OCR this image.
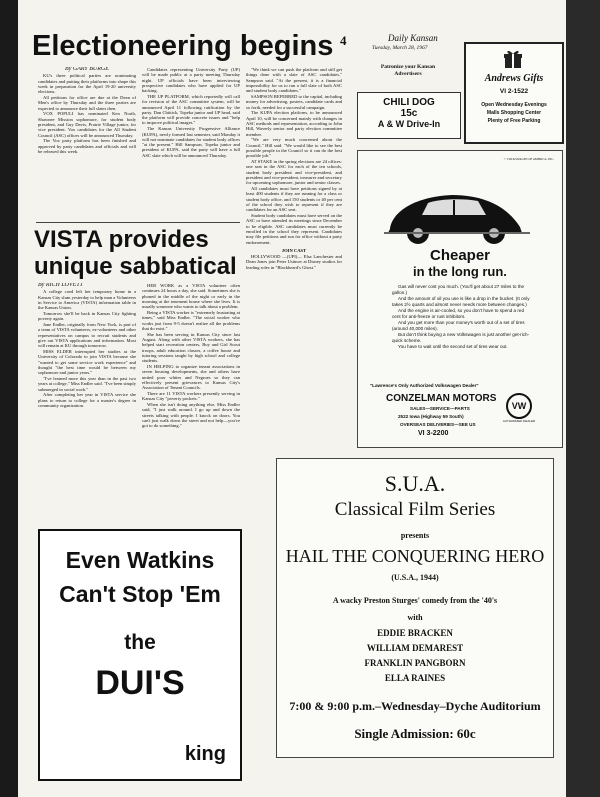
Electioneering begins 4	Daily Kansan
Tuesday, March 28, 1967
By GARY BURGE

KU's three political parties are nominating candidates and putting their platforms into shape this week in preparation for the April 19-20 university elections.

All petitions for office are due at the Dean of Men's office by Thursday and the three parties are expected to announce their full slates then.

VOX POPULI has nominated Ken North, Shawnee Mission sophomore, for student body president, and Guy Davis, Prairie Village junior, for vice president. Vox candidates for the All Student Council (ASC) offices will be announced Thursday.

The Vox party platform has been finished and approved by party candidates and officials and will be released this week.

Candidates representing University Party (UP) will be made public at a party meeting Thursday night. UP officials have been interviewing prospective candidates who have applied for UP backing.

THE UP PLATFORM, which reportedly will call for revision of the ASC committee system, will be announced April 11 following ratification by the party. Dan Chittick, Topeka junior and UP head, said the platform will provide concrete issues and "help to improve political images."

The Kansas University Progressive Alliance (KUPA), newly formed last semester, said Monday it will not nominate candidates for student body offices "at the present." Hill Sampson, Topeka junior and president of KUPA, said the party will have a full ASC slate which will be announced Thursday.

"We think we can push the platform and still get things done with a slate of ASC candidates," Sampson said. "At the present, it is a financial impossibility for us to run a full slate of both ASC and student body candidates."

SAMPSON REFERRED to the capital, including money for advertising, posters, candidate cards and so forth, needed for a successful campaign.

The KUPA election platform, to be announced April 10, will be concerned mainly with changes in ASC methods and representation, according to John Hill, Waverly senior and party election committee member.

"We are very much concerned about the Council," Hill said. "We would like to see the best possible people in the Council so it can do the best possible job."

AT STAKE in the spring elections are 24 offices: one seat in the ASC for each of the ten schools, student body president and vice-president, and president and vice-president, treasurer and secretary for upcoming sophomore, junior and senior classes.

All candidates must have petitions signed by at least 400 students if they are running for a class or student body office, and 150 students or 40 per cent of the school they wish to represent if they are candidates for an ASC seat.

Student body candidates must have served on the ASC or have attended its meetings since December to be eligible. ASC candidates must currently be enrolled in the school they represent. Candidates may file petitions and run for office without a party endorsement.

JOIN CAST

HOLLYWOOD —(UPI)— Elsa Lanchester and Dean Jones join Peter Ustinov at Disney studios for leading roles in "Blackbeard's Ghost."

VISTA provides
unique sabbatical
By RICH LOVETT

A college coed left her temporary home in a Kansas City slum yesterday to help man a Volunteers in Service to America (VISTA) information table in the Kansas Union.

Tomorrow she'll be back in Kansas City fighting poverty again.

Jane Endler, originally from New York, is part of a team of VISTA volunteers, ex-volunteers and other representatives on campus to recruit students and give out VISTA applications and information. Most will remain at KU through tomorrow.

MISS ELDER interrupted her studies at the University of Colorado to join VISTA because she "wanted to get some service work experience" and thought "the best time would be between my sophomore and junior years."

"I've learned more this year than in the past two years at college," Miss Endler said. "I've been simply submerged in social work."

After completing her year in VISTA service she plans to return to college for a master's degree in community organization.

HER WORK as a VISTA volunteer often continues 24 hours a day, she said. Sometimes she is phoned in the middle of the night or early in the morning at the tenement house where she lives. It is usually someone who wants to talk about a problem.

Being a VISTA worker is "extremely frustrating at times," said Miss Endler. "The social worker who works just from 9-5 doesn't realize all the problems that do exist."

She has been serving in Kansas City since last August. Along with other VISTA workers, she has helped start recreation centers, Boy and Girl Scout troops, adult education classes, a coffee house and tutoring sessions taught by high school and college students.

IN HELPING to organize tenant associations in seven housing developments, she and others have united poor whites and Negroes so they can effectively present grievances to Kansas City's Association of Tenant Councils.

There are 11 VISTA workers presently serving in Kansas City "poverty pockets."

When she isn't doing anything else, Miss Endler said, "I just walk around. I go up and down the streets talking with people. I knock on doors. You can't just walk down the street and not help—you've got to do something."

Even Watkins
Can't Stop 'Em
the
DUI'S
king
Patronize your Kansan
Advertisers
CHILI DOG
15c
A & W Drive-In
Andrews Gifts
VI 2-1522
Open Wednesday Evenings
Malls Shopping Center
Plenty of Free Parking
© VOLKSWAGEN OF AMERICA, INC.
Cheaper
in the long run.
Gas will never cost you much. (You'll get about 27 miles to the gallon.)
And the amount of oil you use is like a drop in the bucket. (It only takes 2½ quarts and almost never needs more between changes.)
And the engine is air-cooled, so you don't have to spend a red cent for anti-freeze or rust inhibitors.
And you get more than your money's worth out of a set of tires (around 40,000 miles).
But don't think buying a new Volkswagen is just another get-rich-quick scheme.
You have to wait until the second set of tires wear out.
"Lawrence's Only Authorized Volkswagen Dealer"
CONZELMAN MOTORS
SALES—SERVICE—PARTS
2522 Iowa (Highway 59 South)
OVERSEAS DELIVERIES—SEE US
VI 3-2200
VW
AUTHORIZED DEALER
S.U.A.
Classical Film Series
presents
HAIL THE CONQUERING HERO
(U.S.A., 1944)
A wacky Preston Sturges' comedy from the '40's
with
EDDIE BRACKEN
WILLIAM DEMAREST
FRANKLIN PANGBORN
ELLA RAINES
7:00 & 9:00 p.m.–Wednesday–Dyche Auditorium
Single Admission: 60c
